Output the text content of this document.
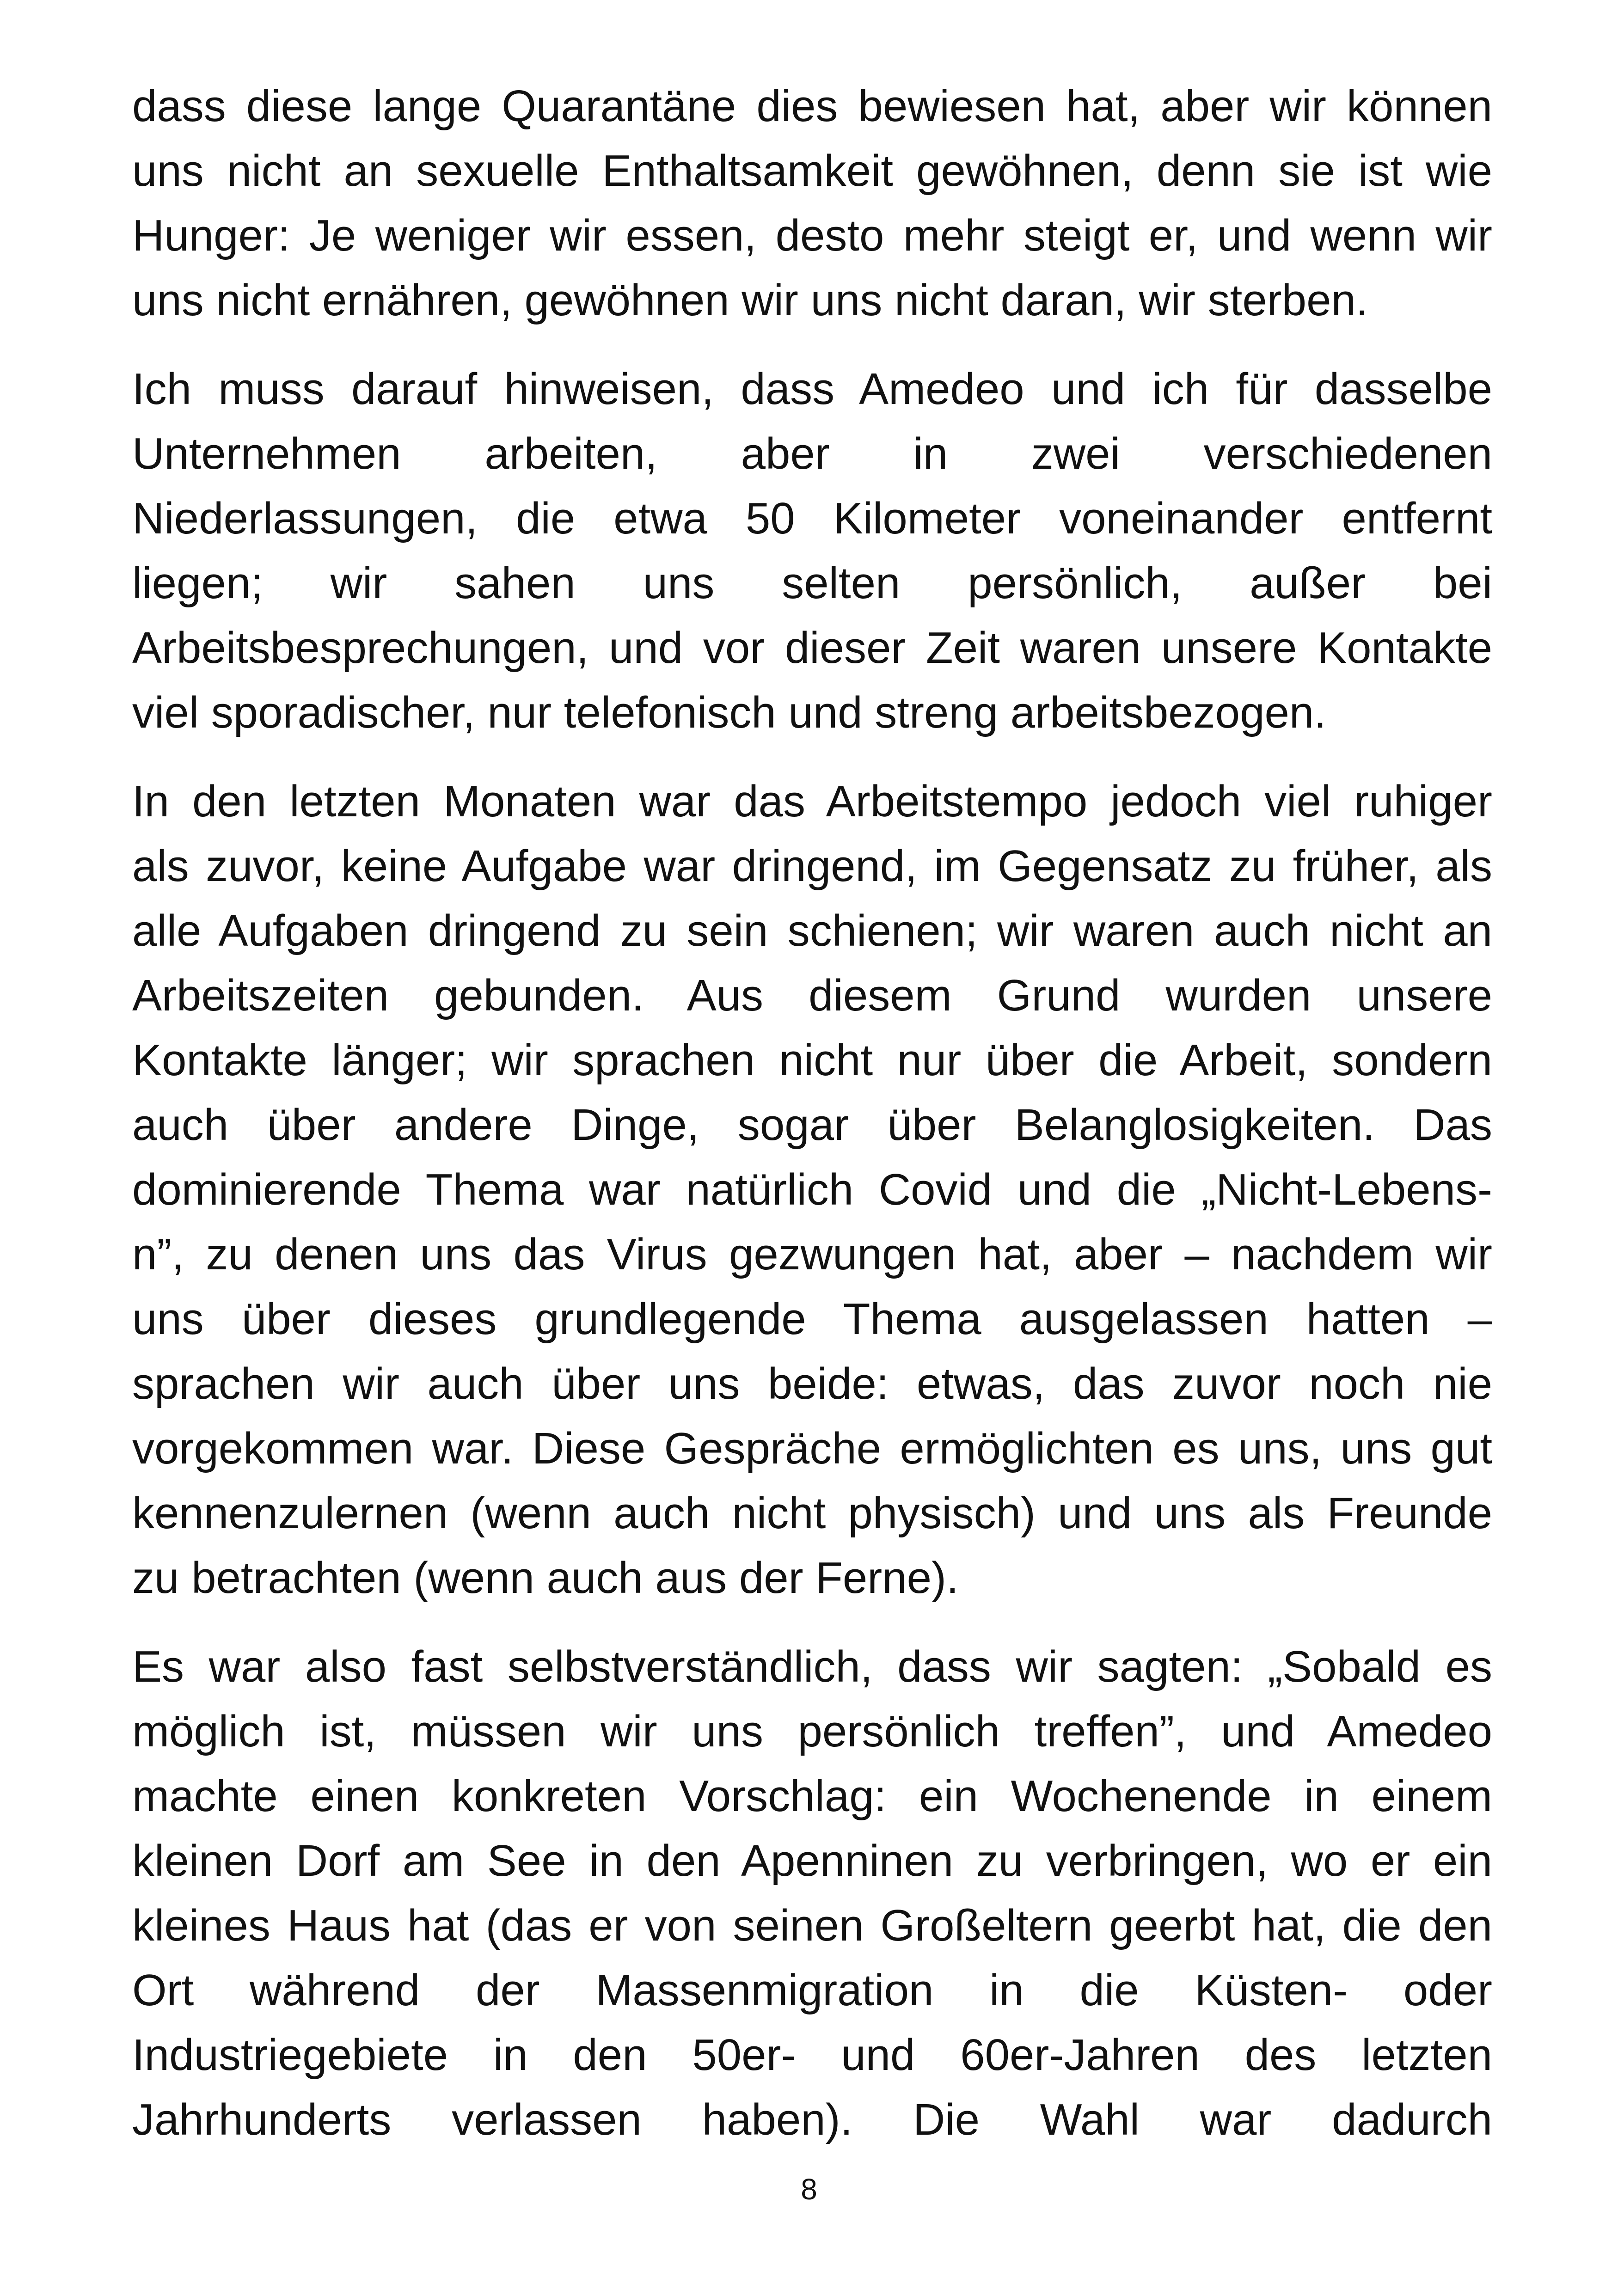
dass diese lange Quarantäne dies bewiesen hat, aber wir können
uns nicht an sexuelle Enthaltsamkeit gewöhnen, denn sie ist wie
Hunger: Je weniger wir essen, desto mehr steigt er, und wenn wir
uns nicht ernähren, gewöhnen wir uns nicht daran, wir sterben.

Ich muss darauf hinweisen, dass Amedeo und ich für dasselbe
Unternehmen arbeiten, aber in zwei verschiedenen
Niederlassungen, die etwa 50 Kilometer voneinander entfernt
liegen; wir sahen uns selten persönlich, außer bei
Arbeitsbesprechungen, und vor dieser Zeit waren unsere Kontakte
viel sporadischer, nur telefonisch und streng arbeitsbezogen.

In den letzten Monaten war das Arbeitstempo jedoch viel ruhiger
als zuvor, keine Aufgabe war dringend, im Gegensatz zu früher, als
alle Aufgaben dringend zu sein schienen; wir waren auch nicht an
Arbeitszeiten gebunden. Aus diesem Grund wurden unsere
Kontakte länger; wir sprachen nicht nur über die Arbeit, sondern
auch über andere Dinge, sogar über Belanglosigkeiten. Das
dominierende Thema war natürlich Covid und die „Nicht-Lebens-
n”, zu denen uns das Virus gezwungen hat, aber – nachdem wir
uns über dieses grundlegende Thema ausgelassen hatten –
sprachen wir auch über uns beide: etwas, das zuvor noch nie
vorgekommen war. Diese Gespräche ermöglichten es uns, uns gut
kennenzulernen (wenn auch nicht physisch) und uns als Freunde
zu betrachten (wenn auch aus der Ferne).

Es war also fast selbstverständlich, dass wir sagten: „Sobald es
möglich ist, müssen wir uns persönlich treffen”, und Amedeo
machte einen konkreten Vorschlag: ein Wochenende in einem
kleinen Dorf am See in den Apenninen zu verbringen, wo er ein
kleines Haus hat (das er von seinen Großeltern geerbt hat, die den
Ort während der Massenmigration in die Küsten- oder
Industriegebiete in den 50er- und 60er-Jahren des letzten
Jahrhunderts verlassen haben). Die Wahl war dadurch

8
